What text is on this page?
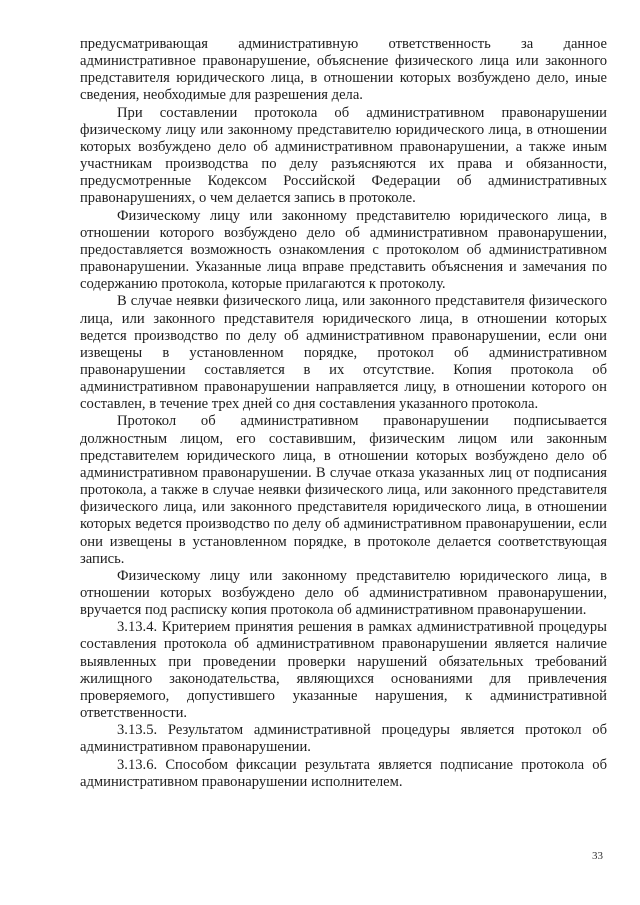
предусматривающая административную ответственность за данное административное правонарушение, объяснение физического лица или законного представителя юридического лица, в отношении которых возбуждено дело, иные сведения, необходимые для разрешения дела.

При составлении протокола об административном правонарушении физическому лицу или законному представителю юридического лица, в отношении которых возбуждено дело об административном правонарушении, а также иным участникам производства по делу разъясняются их права и обязанности, предусмотренные Кодексом Российской Федерации об административных правонарушениях, о чем делается запись в протоколе.

Физическому лицу или законному представителю юридического лица, в отношении которого возбуждено дело об административном правонарушении, предоставляется возможность ознакомления с протоколом об административном правонарушении. Указанные лица вправе представить объяснения и замечания по содержанию протокола, которые прилагаются к протоколу.

В случае неявки физического лица, или законного представителя физического лица, или законного представителя юридического лица, в отношении которых ведется производство по делу об административном правонарушении, если они извещены в установленном порядке, протокол об административном правонарушении составляется в их отсутствие. Копия протокола об административном правонарушении направляется лицу, в отношении которого он составлен, в течение трех дней со дня составления указанного протокола.

Протокол об административном правонарушении подписывается должностным лицом, его составившим, физическим лицом или законным представителем юридического лица, в отношении которых возбуждено дело об административном правонарушении. В случае отказа указанных лиц от подписания протокола, а также в случае неявки физического лица, или законного представителя физического лица, или законного представителя юридического лица, в отношении которых ведется производство по делу об административном правонарушении, если они извещены в установленном порядке, в протоколе делается соответствующая запись.

Физическому лицу или законному представителю юридического лица, в отношении которых возбуждено дело об административном правонарушении, вручается под расписку копия протокола об административном правонарушении.

3.13.4. Критерием принятия решения в рамках административной процедуры составления протокола об административном правонарушении является наличие выявленных при проведении проверки нарушений обязательных требований жилищного законодательства, являющихся основаниями для привлечения проверяемого, допустившего указанные нарушения, к административной ответственности.

3.13.5. Результатом административной процедуры является протокол об административном правонарушении.

3.13.6. Способом фиксации результата является подписание протокола об административном правонарушении исполнителем.

33
